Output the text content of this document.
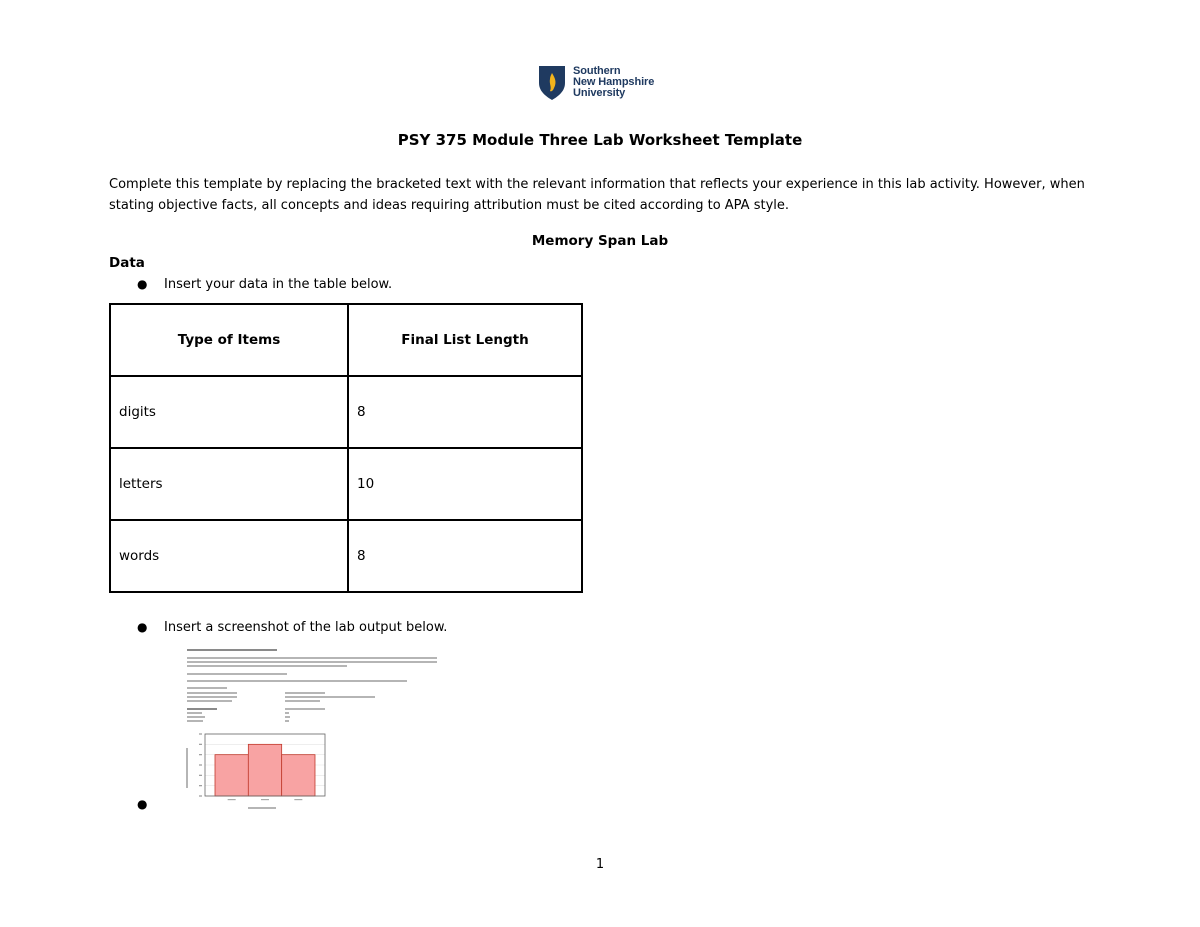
Southern
New Hampshire
University
PSY 375 Module Three Lab Worksheet Template
Complete this template by replacing the bracketed text with the relevant information that reflects your experience in this lab activity. However, when stating objective facts, all concepts and ideas requiring attribution must be cited according to APA style.
Memory Span Lab
Data
● Insert your data in the table below.
Type of Items	Final List Length
digits	8
letters	10
words	8
● Insert a screenshot of the lab output below.
●
1
